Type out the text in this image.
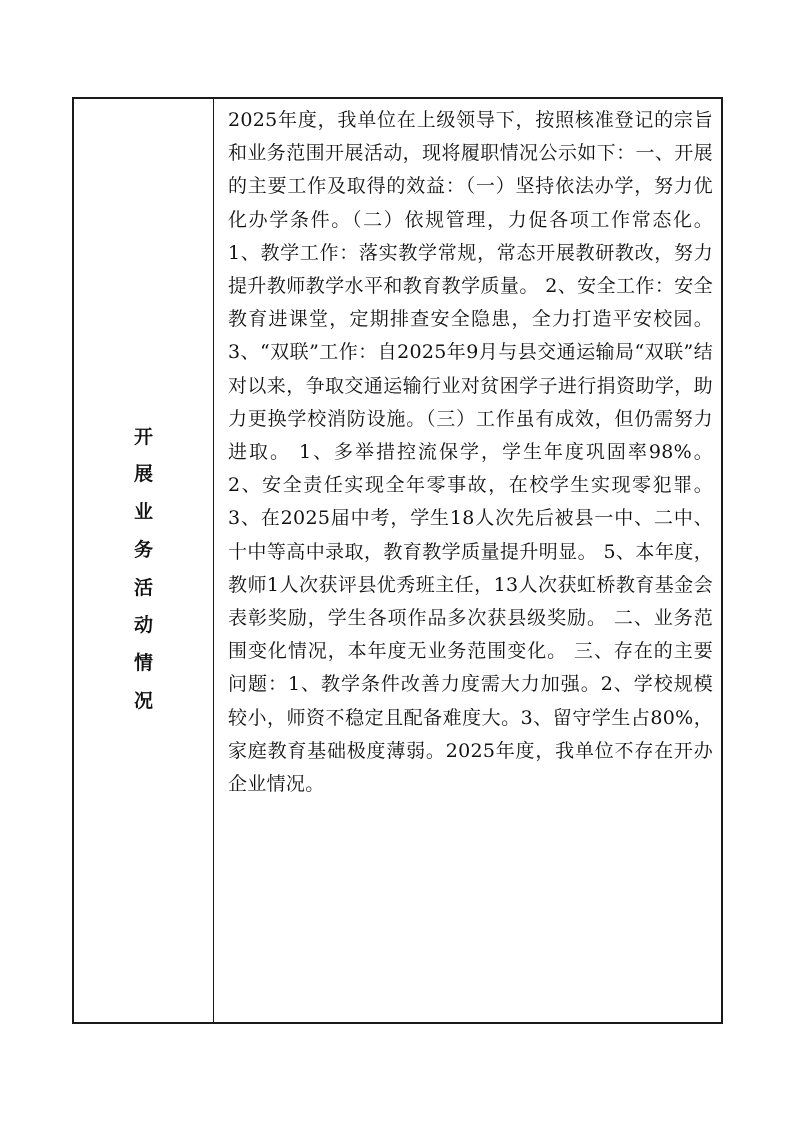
开
展
业
务
活
动
情
况

2025年度，我单位在上级领导下，按照核准登记的宗旨和业务范围开展活动，现将履职情况公示如下：一、开展的主要工作及取得的效益：（一）坚持依法办学，努力优化办学条件。（二）依规管理，力促各项工作常态化。1、教学工作：落实教学常规，常态开展教研教改，努力提升教师教学水平和教育教学质量。 2、安全工作：安全教育进课堂，定期排查安全隐患，全力打造平安校园。3、“双联”工作：自2025年9月与县交通运输局“双联”结对以来，争取交通运输行业对贫困学子进行捐资助学，助力更换学校消防设施。（三）工作虽有成效，但仍需努力进取。 1、多举措控流保学，学生年度巩固率98%。 2、安全责任实现全年零事故，在校学生实现零犯罪。3、在2025届中考，学生18人次先后被县一中、二中、十中等高中录取，教育教学质量提升明显。 5、本年度，教师1人次获评县优秀班主任，13人次获虹桥教育基金会表彰奖励，学生各项作品多次获县级奖励。 二、业务范围变化情况，本年度无业务范围变化。 三、存在的主要问题：1、教学条件改善力度需大力加强。2、学校规模较小，师资不稳定且配备难度大。3、留守学生占80%，家庭教育基础极度薄弱。2025年度，我单位不存在开办企业情况。
